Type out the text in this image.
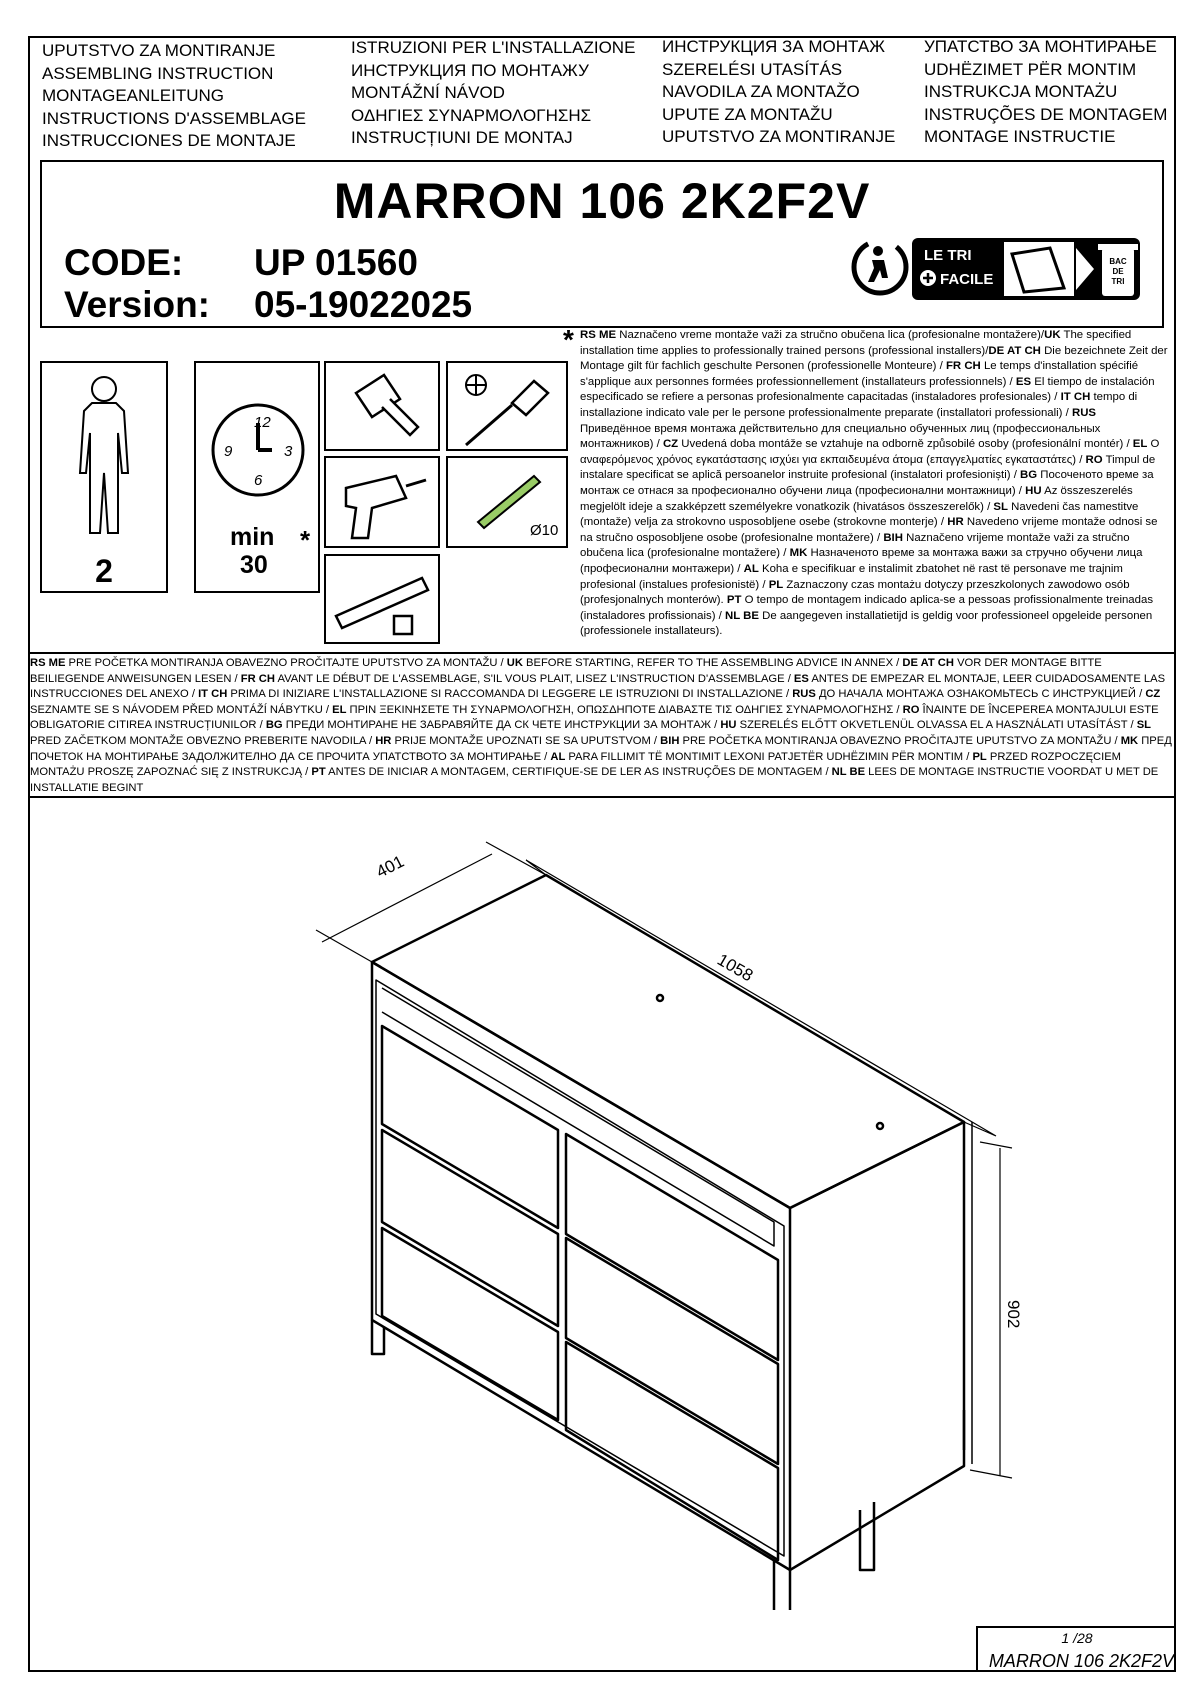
UPUTSTVO ZA MONTIRANJE
ASSEMBLING INSTRUCTION
MONTAGEANLEITUNG
INSTRUCTIONS D'ASSEMBLAGE
INSTRUCCIONES DE MONTAJE
ISTRUZIONI PER L'INSTALLAZIONE
ИНСТРУКЦИЯ ПО МОНТАЖУ
MONTÁŽNÍ NÁVOD
ΟΔΗΓΙΕΣ ΣΥΝΑΡΜΟΛΟΓΗΣΗΣ
INSTRUCȚIUNI DE MONTAJ
ИНСТРУКЦИЯ ЗА МОНТАЖ
SZERELÉSI UTASÍTÁS
NAVODILA ZA MONTAŽO
UPUTE ZA MONTAŽU
UPUTSTVO ZA MONTIRANJE
УПАТСТВО ЗА МОНТИРАЊЕ
UDHËZIMET PËR MONTIM
INSTRUKCJA MONTAŻU
INSTRUÇÕES DE MONTAGEM
MONTAGE INSTRUCTIE
MARRON 106 2K2F2V
CODE: UP 01560
Version: 05-19022025
LE TRI
FACILE
BAC
DE
TRI
2
12
3
6
9
min *
30
Ø10
* RS ME Naznačeno vreme montaže važi za stručno obučena lica (profesionalne montažere)/UK The specified installation time applies to professionally trained persons (professional installers)/DE AT CH Die bezeichnete Zeit der Montage gilt für fachlich geschulte Personen (professionelle Monteure) / FR CH Le temps d'installation spécifié s'applique aux personnes formées professionnellement (installateurs professionnels) / ES El tiempo de instalación especificado se refiere a personas profesionalmente capacitadas (instaladores profesionales) / IT CH tempo di installazione indicato vale per le persone professionalmente preparate (installatori professionali) / RUS Приведённое время монтажа действительно для специально обученных лиц (профессиональных монтажников) / CZ Uvedená doba montáže se vztahuje na odborně způsobilé osoby (profesionální montér) / EL Ο αναφερόμενος χρόνος εγκατάστασης ισχύει για εκπαιδευμένα άτομα (επαγγελματίες εγκαταστάτες) / RO Timpul de instalare specificat se aplică persoanelor instruite profesional (instalatori profesioniști) / BG Посоченото време за монтаж се отнася за професионално обучени лица (професионални монтажници) / HU Az összeszerelés megjelölt ideje a szakképzett személyekre vonatkozik (hivatásos összeszerelők) / SL Navedeni čas namestitve (montaže) velja za strokovno usposobljene osebe (strokovne monterje) / HR Navedeno vrijeme montaže odnosi se na stručno osposobljene osobe (profesionalne montažere) / BIH Naznačeno vrijeme montaže važi za stručno obučena lica (profesionalne montažere) / MK Назначеното време за монтажа важи за стручно обучени лица (професионални монтажери) / AL Koha e specifikuar e instalimit zbatohet në rast të personave me trajnim profesional (instalues profesionistë) / PL Zaznaczony czas montażu dotyczy przeszkolonych zawodowo osób (profesjonalnych monterów). PT O tempo de montagem indicado aplica-se a pessoas profissionalmente treinadas (instaladores profissionais) / NL BE De aangegeven installatietijd is geldig voor professioneel opgeleide personen (professionele installateurs).
RS ME PRE POČETKA MONTIRANJA OBAVEZNO PROČITAJTE UPUTSTVO ZA MONTAŽU / UK BEFORE STARTING, REFER TO THE ASSEMBLING ADVICE IN ANNEX / DE AT CH VOR DER MONTAGE BITTE BEILIEGENDE ANWEISUNGEN LESEN / FR CH AVANT LE DÉBUT DE L'ASSEMBLAGE, S'IL VOUS PLAIT, LISEZ L'INSTRUCTION D'ASSEMBLAGE / ES ANTES DE EMPEZAR EL MONTAJE, LEER CUIDADOSAMENTE LAS INSTRUCCIONES DEL ANEXO / IT CH PRIMA DI INIZIARE L'INSTALLAZIONE SI RACCOMANDA DI LEGGERE LE ISTRUZIONI DI INSTALLAZIONE / RUS ДО НАЧАЛА МОНТАЖА ОЗНАКОМЬТЕСЬ С ИНСТРУКЦИЕЙ / CZ SEZNAMTE SE S NÁVODEM PŘED MONTÁŽÍ NÁBYTKU / EL ΠΡΙΝ ΞΕΚΙΝΗΣΕΤΕ ΤΗ ΣΥΝΑΡΜΟΛΟΓΗΣΗ, ΟΠΩΣΔΗΠΟΤΕ ΔΙΑΒΑΣΤΕ ΤΙΣ ΟΔΗΓΙΕΣ ΣΥΝΑΡΜΟΛΟΓΗΣΗΣ / RO ÎNAINTE DE ÎNCEPEREA MONTAJULUI ESTE OBLIGATORIE CITIREA INSTRUCȚIUNILOR / BG ПРЕДИ МОНТИРАНЕ НЕ ЗАБРАВЯЙТЕ ДА СК ЧЕТЕ ИНСТРУКЦИИ ЗА МОНТАЖ / HU SZERELÉS ELŐTT OKVETLENÜL OLVASSA EL A HASZNÁLATI UTASÍTÁST / SL PRED ZAČETKOM MONTAŽE OBVEZNO PREBERITE NAVODILA / HR PRIJE MONTAŽE UPOZNATI SE SA UPUTSTVOM / BIH PRE POČETKA MONTIRANJA OBAVEZNO PROČITAJTE UPUTSTVO ZA MONTAŽU / MK ПРЕД ПОЧЕТОК НА МОНТИРАЊЕ ЗАДОЛЖИТЕЛНО ДА СЕ ПРОЧИТА УПАТСТВОТО ЗА МОНТИРАЊЕ / AL PARA FILLIMIT TË MONTIMIT LEXONI PATJETËR UDHËZIMIN PËR MONTIM / PL PRZED ROZPOCZĘCIEM MONTAŻU PROSZĘ ZAPOZNAĆ SIĘ Z INSTRUKCJĄ / PT ANTES DE INICIAR A MONTAGEM, CERTIFIQUE-SE DE LER AS INSTRUÇÕES DE MONTAGEM / NL BE LEES DE MONTAGE INSTRUCTIE VOORDAT U MET DE INSTALLATIE BEGINT
401
1058
902
1 /28
MARRON 106 2K2F2V
